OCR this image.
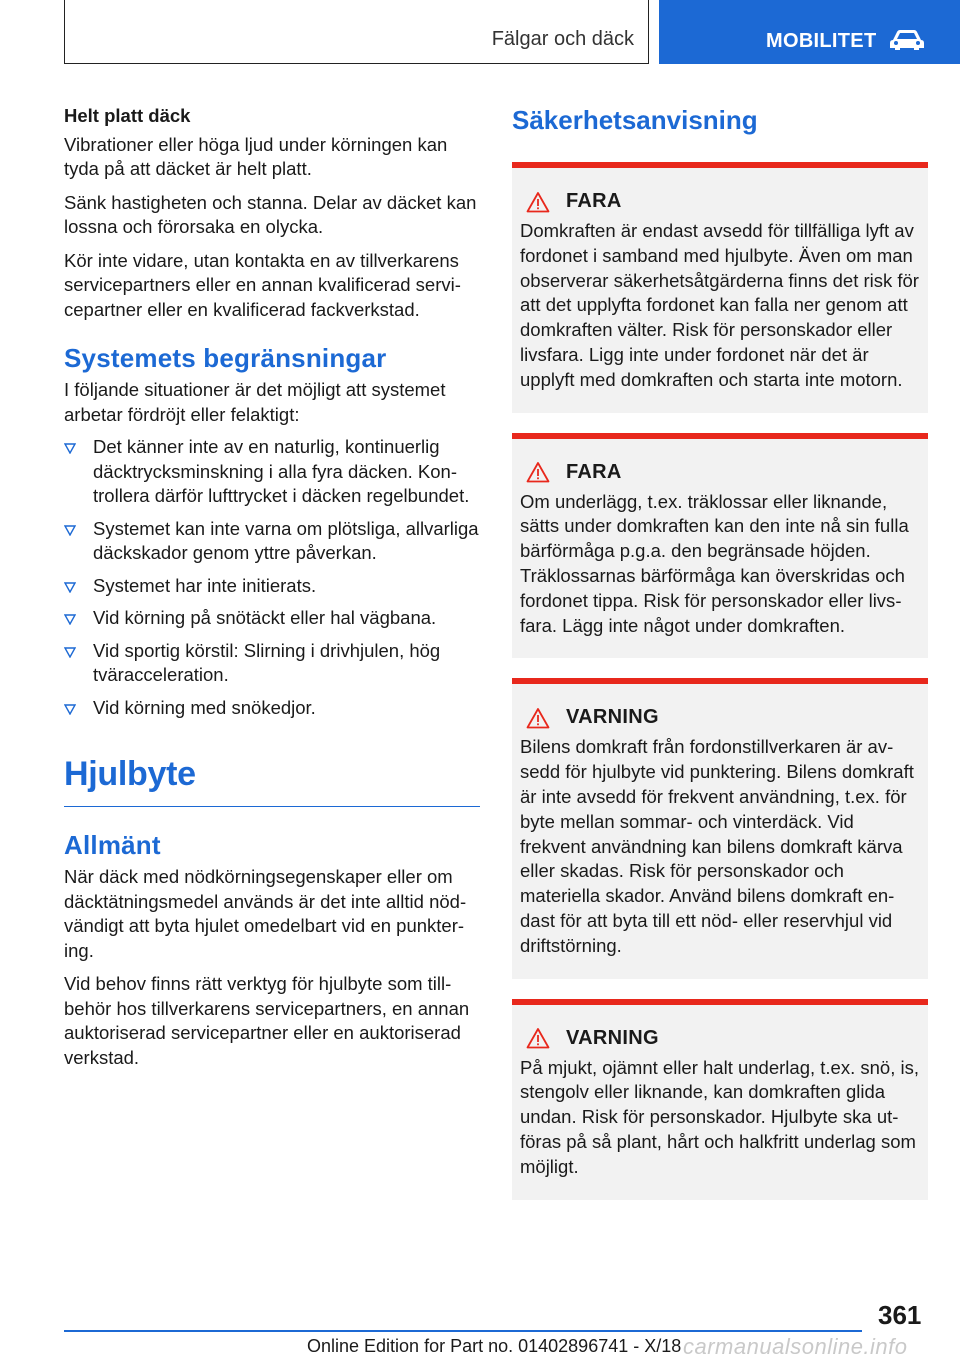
Fälgar och däck	MOBILITET
Helt platt däck

Vibrationer eller höga ljud under körningen kan tyda på att däcket är helt platt.

Sänk hastigheten och stanna. Delar av däcket kan lossna och förorsaka en olycka.

Kör inte vidare, utan kontakta en av tillverkarens servicepartners eller en annan kvalificerad servicepartner eller en kvalificerad fackverkstad.

Systemets begränsningar

I följande situationer är det möjligt att systemet arbetar fördröjt eller felaktigt:

Det känner inte av en naturlig, kontinuerlig däcktrycksminskning i alla fyra däcken. Kontrollera därför lufttrycket i däcken regelbundet.
Systemet kan inte varna om plötsliga, allvarliga däckskador genom yttre påverkan.
Systemet har inte initierats.
Vid körning på snötäckt eller hal vägbana.
Vid sportig körstil: Slirning i drivhjulen, hög tväracceleration.
Vid körning med snökedjor.
Hjulbyte
Allmänt

När däck med nödkörningsegenskaper eller om däcktätningsmedel används är det inte alltid nödvändigt att byta hjulet omedelbart vid en punktering.

Vid behov finns rätt verktyg för hjulbyte som tillbehör hos tillverkarens servicepartners, en annan auktoriserad servicepartner eller en auktoriserad verkstad.

Säkerhetsanvisning
FARA

Domkraften är endast avsedd för tillfälliga lyft av fordonet i samband med hjulbyte. Även om man observerar säkerhetsåtgärderna finns det risk för att det upplyfta fordonet kan falla ner genom att domkraften välter. Risk för personskador eller livsfara. Ligg inte under fordonet när det är upplyft med domkraften och starta inte motorn.

FARA

Om underlägg, t.ex. träklossar eller liknande, sätts under domkraften kan den inte nå sin fulla bärförmåga p.g.a. den begränsade höjden. Träklossarnas bärförmåga kan överskridas och fordonet tippa. Risk för personskador eller livsfara. Lägg inte något under domkraften.

VARNING

Bilens domkraft från fordonstillverkaren är avsedd för hjulbyte vid punktering. Bilens domkraft är inte avsedd för frekvent användning, t.ex. för byte mellan sommar- och vinterdäck. Vid frekvent användning kan bilens domkraft kärva eller skadas. Risk för personskador och materiella skador. Använd bilens domkraft endast för att byta till ett nöd- eller reservhjul vid driftstörning.

VARNING

På mjukt, ojämnt eller halt underlag, t.ex. snö, is, stengolv eller liknande, kan domkraften glida undan. Risk för personskador. Hjulbyte ska utföras på så plant, hårt och halkfritt underlag som möjligt.

361
Online Edition for Part no. 01402896741 - X/18 carmanualsonline.info
